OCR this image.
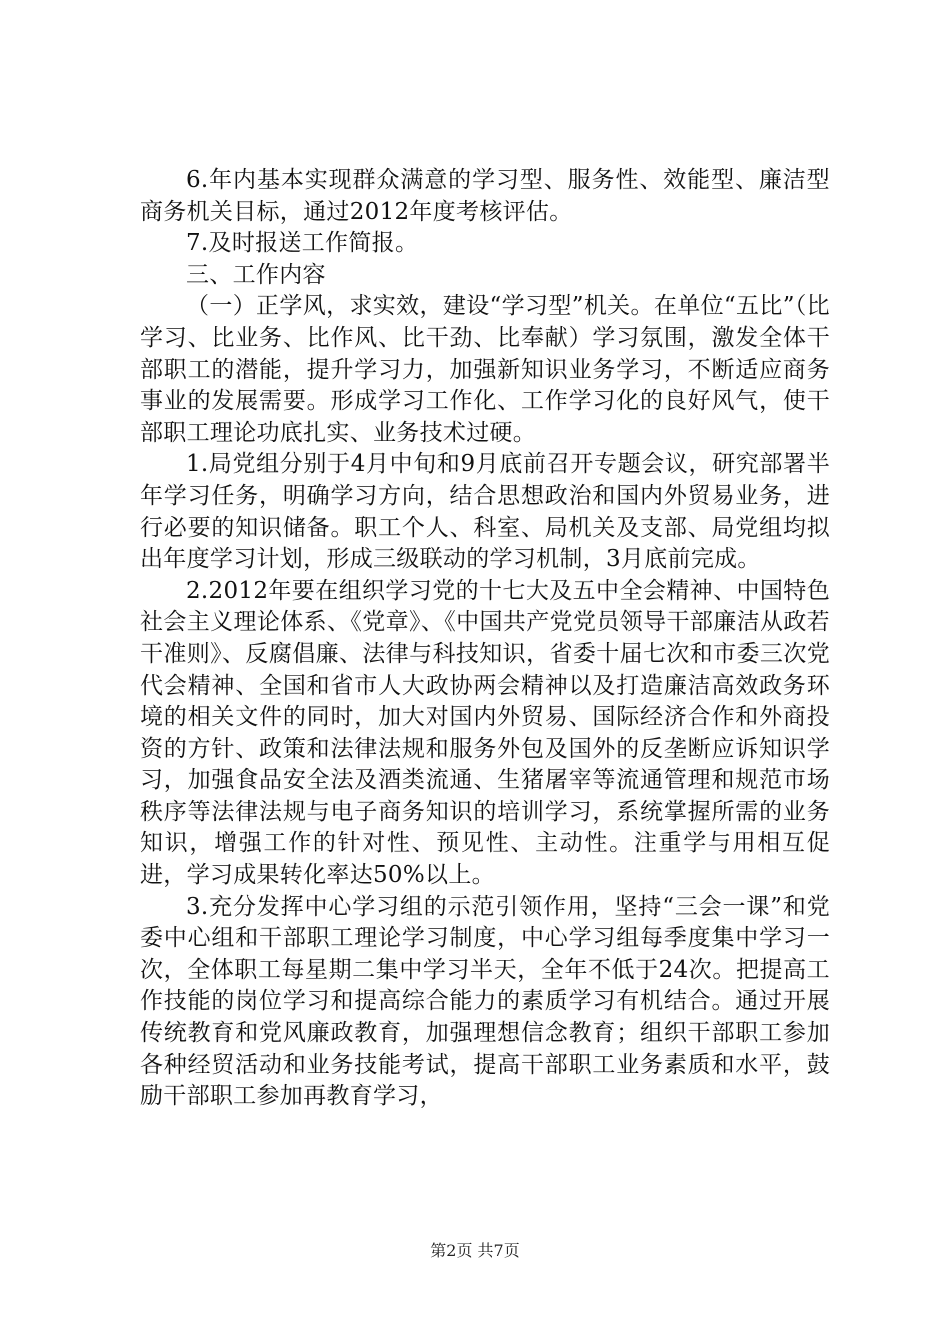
6.年内基本实现群众满意的学习型、服务性、效能型、廉洁型商务机关目标，通过2012年度考核评估。

7.及时报送工作简报。

三、工作内容

（一）正学风，求实效，建设“学习型”机关。在单位“五比”（比学习、比业务、比作风、比干劲、比奉献）学习氛围，激发全体干部职工的潜能，提升学习力，加强新知识业务学习，不断适应商务事业的发展需要。形成学习工作化、工作学习化的良好风气，使干部职工理论功底扎实、业务技术过硬。

1.局党组分别于4月中旬和9月底前召开专题会议，研究部署半年学习任务，明确学习方向，结合思想政治和国内外贸易业务，进行必要的知识储备。职工个人、科室、局机关及支部、局党组均拟出年度学习计划，形成三级联动的学习机制，3月底前完成。

2.2012年要在组织学习党的十七大及五中全会精神、中国特色社会主义理论体系、《党章》、《中国共产党党员领导干部廉洁从政若干准则》、反腐倡廉、法律与科技知识，省委十届七次和市委三次党代会精神、全国和省市人大政协两会精神以及打造廉洁高效政务环境的相关文件的同时，加大对国内外贸易、国际经济合作和外商投资的方针、政策和法律法规和服务外包及国外的反垄断应诉知识学习，加强食品安全法及酒类流通、生猪屠宰等流通管理和规范市场秩序等法律法规与电子商务知识的培训学习，系统掌握所需的业务知识，增强工作的针对性、预见性、主动性。注重学与用相互促进，学习成果转化率达50%以上。

3.充分发挥中心学习组的示范引领作用，坚持“三会一课”和党委中心组和干部职工理论学习制度，中心学习组每季度集中学习一次，全体职工每星期二集中学习半天，全年不低于24次。把提高工作技能的岗位学习和提高综合能力的素质学习有机结合。通过开展传统教育和党风廉政教育，加强理想信念教育；组织干部职工参加各种经贸活动和业务技能考试，提高干部职工业务素质和水平，鼓励干部职工参加再教育学习，

第2页 共7页
